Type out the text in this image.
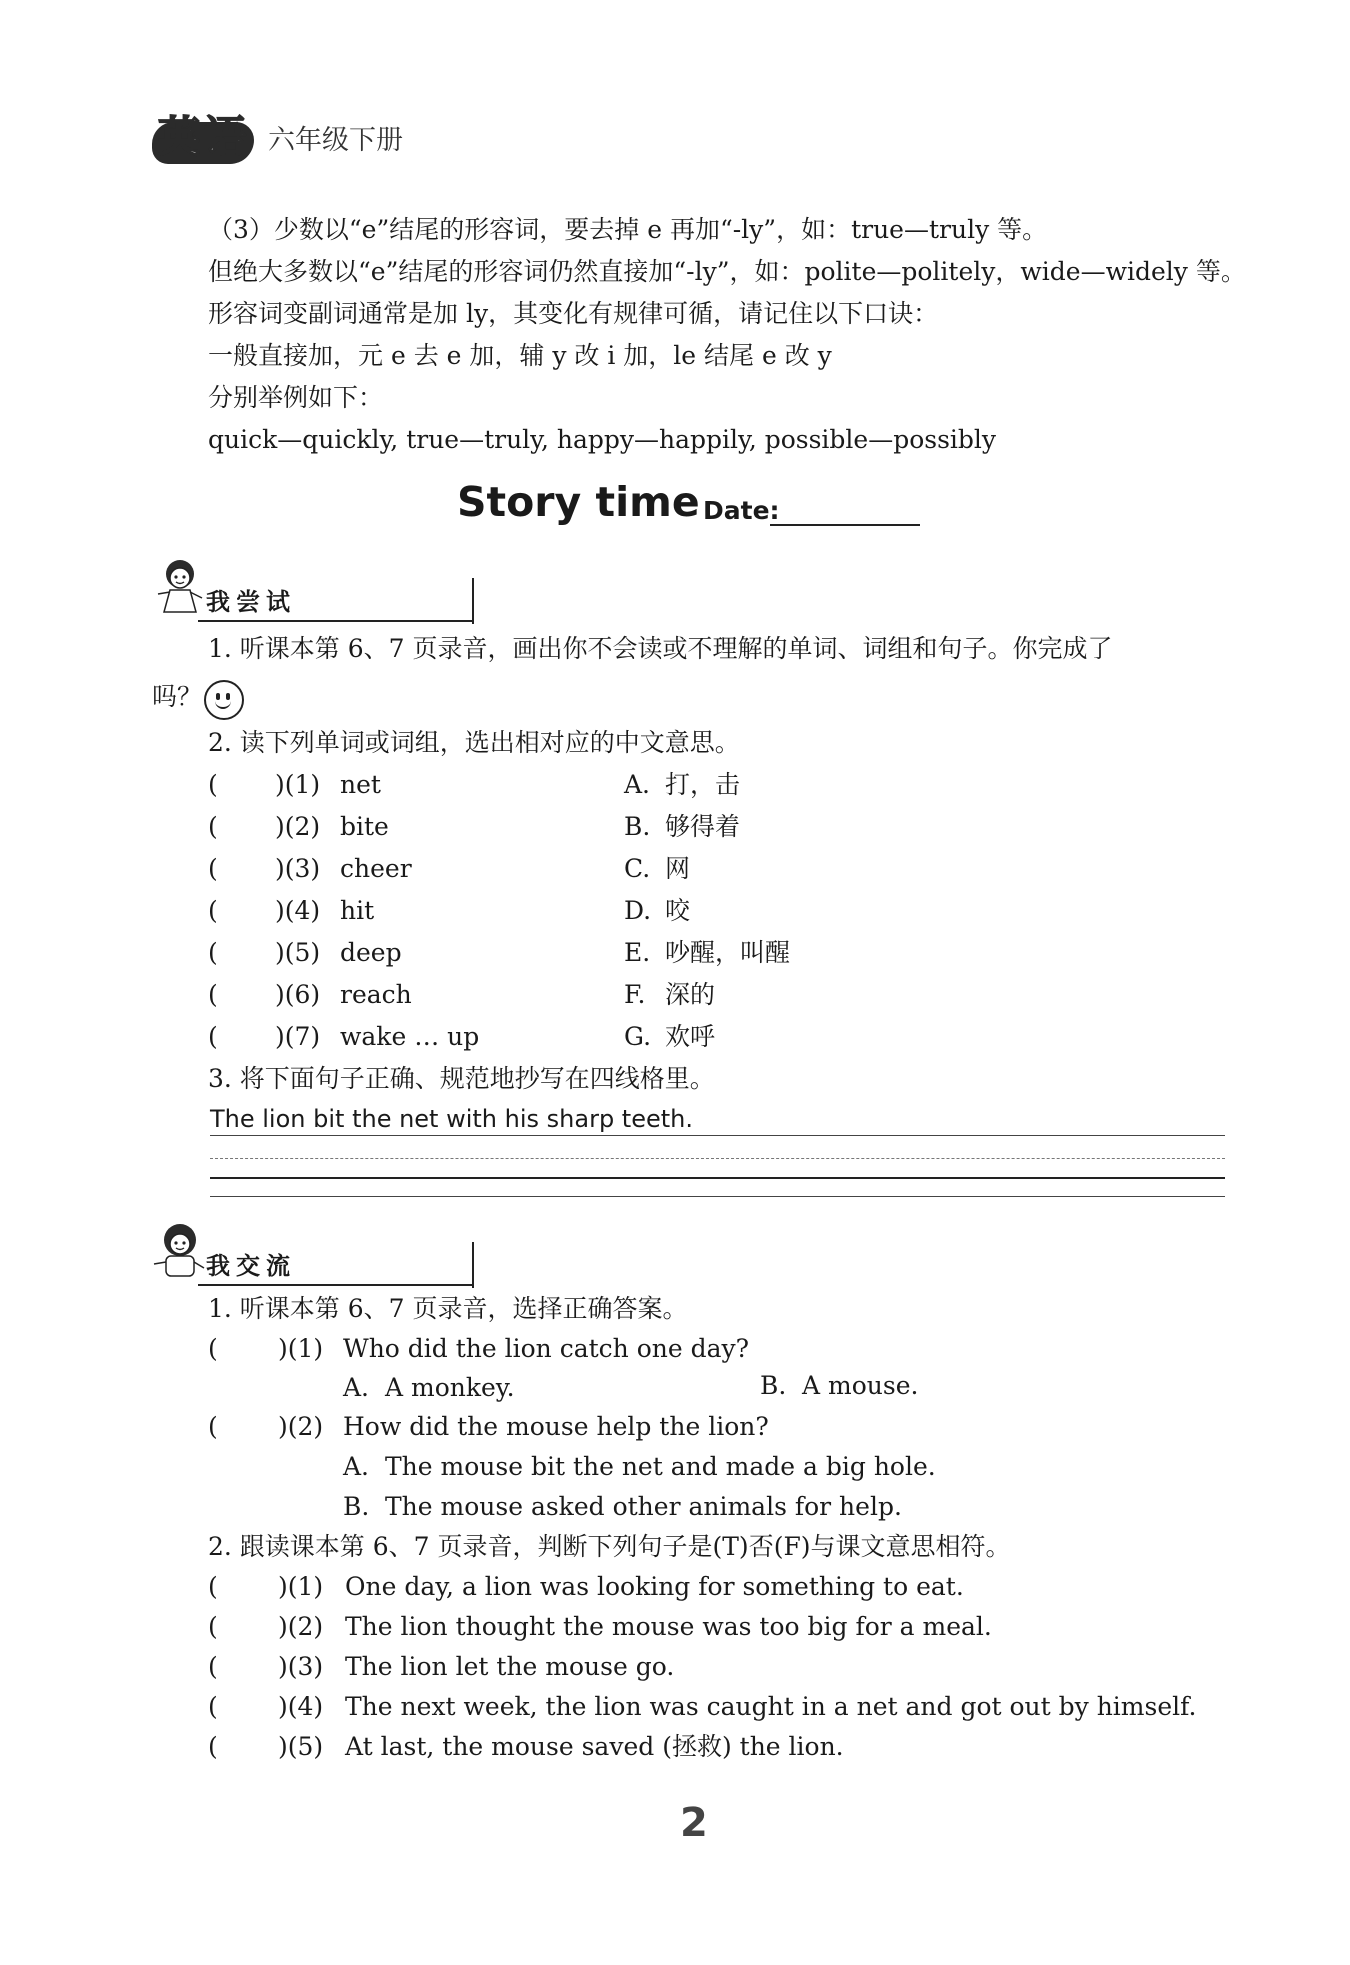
英语 六年级下册
（3）少数以“e”结尾的形容词，要去掉 e 再加“-ly”，如：true—truly 等。
但绝大多数以“e”结尾的形容词仍然直接加“-ly”，如：polite—politely，wide—widely 等。
形容词变副词通常是加 ly，其变化有规律可循，请记住以下口诀：
一般直接加，元 e 去 e 加，辅 y 改 i 加，le 结尾 e 改 y
分别举例如下：
quick—quickly, true—truly, happy—happily, possible—possibly
Story time Date:
我尝试
1. 听课本第 6、7 页录音，画出你不会读或不理解的单词、词组和句子。你完成了
吗？
2. 读下列单词或词组，选出相对应的中文意思。
( )(1) net	A. 打，击
( )(2) bite	B. 够得着
( )(3) cheer	C. 网
( )(4) hit	D. 咬
( )(5) deep	E. 吵醒，叫醒
( )(6) reach	F. 深的
( )(7) wake … up	G. 欢呼
3. 将下面句子正确、规范地抄写在四线格里。
The lion bit the net with his sharp teeth.
我交流
1. 听课本第 6、7 页录音，选择正确答案。
( )(1) Who did the lion catch one day?
A. A monkey.	B. A mouse.
( )(2) How did the mouse help the lion?
A. The mouse bit the net and made a big hole.
B. The mouse asked other animals for help.
2. 跟读课本第 6、7 页录音，判断下列句子是(T)否(F)与课文意思相符。
( )(1) One day, a lion was looking for something to eat.
( )(2) The lion thought the mouse was too big for a meal.
( )(3) The lion let the mouse go.
( )(4) The next week, the lion was caught in a net and got out by himself.
( )(5) At last, the mouse saved (拯救) the lion.
2
